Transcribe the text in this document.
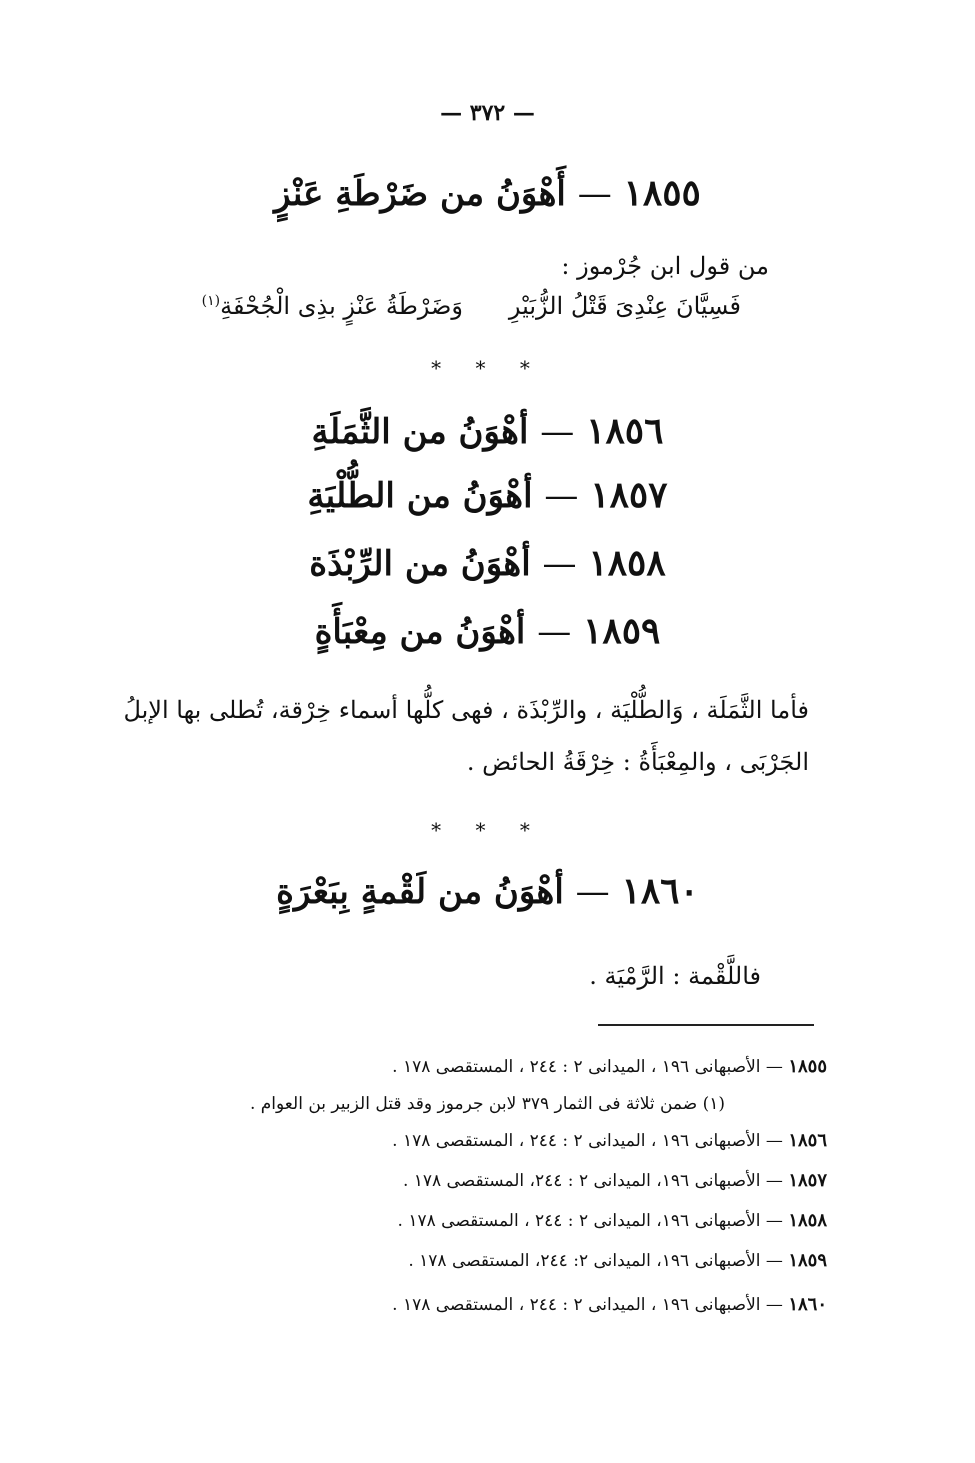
— ٣٧٢ —
١٨٥٥ — أَهْوَنُ من ضَرْطَةِ عَنْزٍ
من قول ابن جُرْموز :
فَسِيَّانَ عِنْدِىَ قَتْلُ الزُّبَيْرِ
وَضَرْطَةُ عَنْزٍ بذِى الْجُحْفَةِ$^{(١)}$
* * *
١٨٥٦ — أهْوَنُ من الثَّمَلَةِ
١٨٥٧ — أهْوَنُ من الطُّلْيَةِ
١٨٥٨ — أهْوَنُ من الرِّبْذَة
١٨٥٩ — أهْوَنُ من مِعْبَأَةٍ
فأما الثَّمَلَة ، وَالطُّلْيَة ، والرِّبْذَة ، فهى كلُّها أسماء خِرْقة، تُطلى بها الإبلُ
الجَرْبَى ، والمِعْبَأَةُ : خِرْقَةُ الحائض .
* * *
١٨٦٠ — أهْوَنُ من لَقْمةٍ بِبَعْرَةٍ
فاللَّقْمة : الرَّمْيَة .
١٨٥٥ — الأصبهانى ١٩٦ ، الميدانى ٢ : ٢٤٤ ، المستقصى ١٧٨ .
(١) ضمن ثلاثة فى الثمار ٣٧٩ لابن جرموز وقد قتل الزبير بن العوام .
١٨٥٦ — الأصبهانى ١٩٦ ، الميدانى ٢ : ٢٤٤ ، المستقصى ١٧٨ .
١٨٥٧ — الأصبهانى ١٩٦، الميدانى ٢ : ٢٤٤، المستقصى ١٧٨ .
١٨٥٨ — الأصبهانى ١٩٦، الميدانى ٢ : ٢٤٤ ، المستقصى ١٧٨ .
١٨٥٩ — الأصبهانى ١٩٦، الميدانى ٢: ٢٤٤، المستقصى ١٧٨ .
١٨٦٠ — الأصبهانى ١٩٦ ، الميدانى ٢ : ٢٤٤ ، المستقصى ١٧٨ .
